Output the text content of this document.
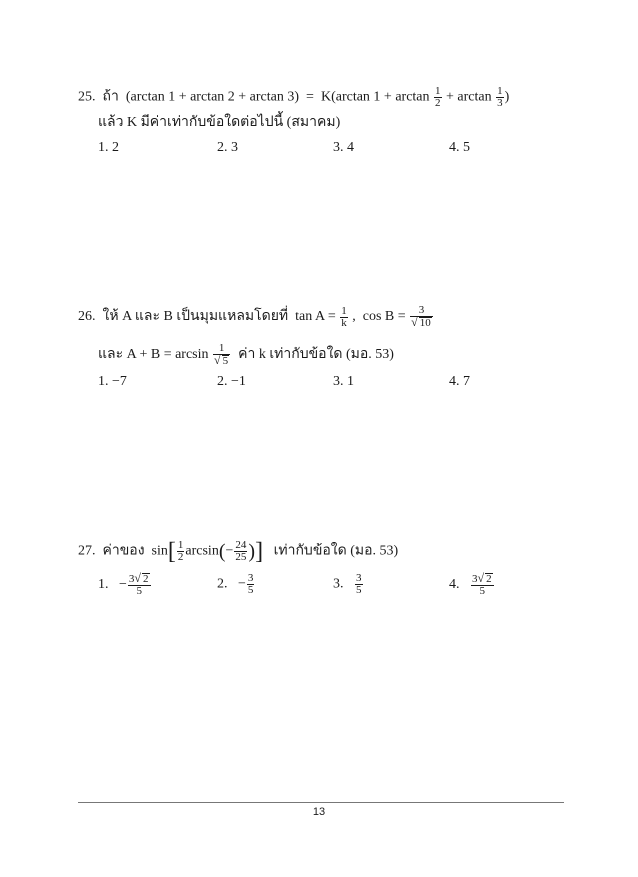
25. ถ้า (arctan 1 + arctan 2 + arctan 3) = K(arctan $1 + \arctan \frac{1}{2} + \arctan \frac{1}{3}$ )
แล้ว K มีค่าเท่ากับข้อใดต่อไปนี้ (สมาคม)
1. 2	2. 3	3. 4	4. 5
26. ให้ A และ B เป็นมุมแหลมโดยที่ $\tan A = \frac{1}{k}$ , $\cos B = \frac{3}{√ 10}$
และ $A + B = \arcsin \frac{1}{√ 5}$ ค่า k เท่ากับข้อใด (มอ. 53)
1. −7	2. −1	3. 1	4. 7
27. ค่าของ $\sin[ \frac{1}{2} \arcsin(- \frac{24}{25}$ )] เท่ากับข้อใด (มอ. 53)
1. − $\frac{3√ 2}{5}$	2. − $\frac{3}{5}$	3. $\frac{3}{5}$	4. $\frac{3√ 2}{5}$
13
